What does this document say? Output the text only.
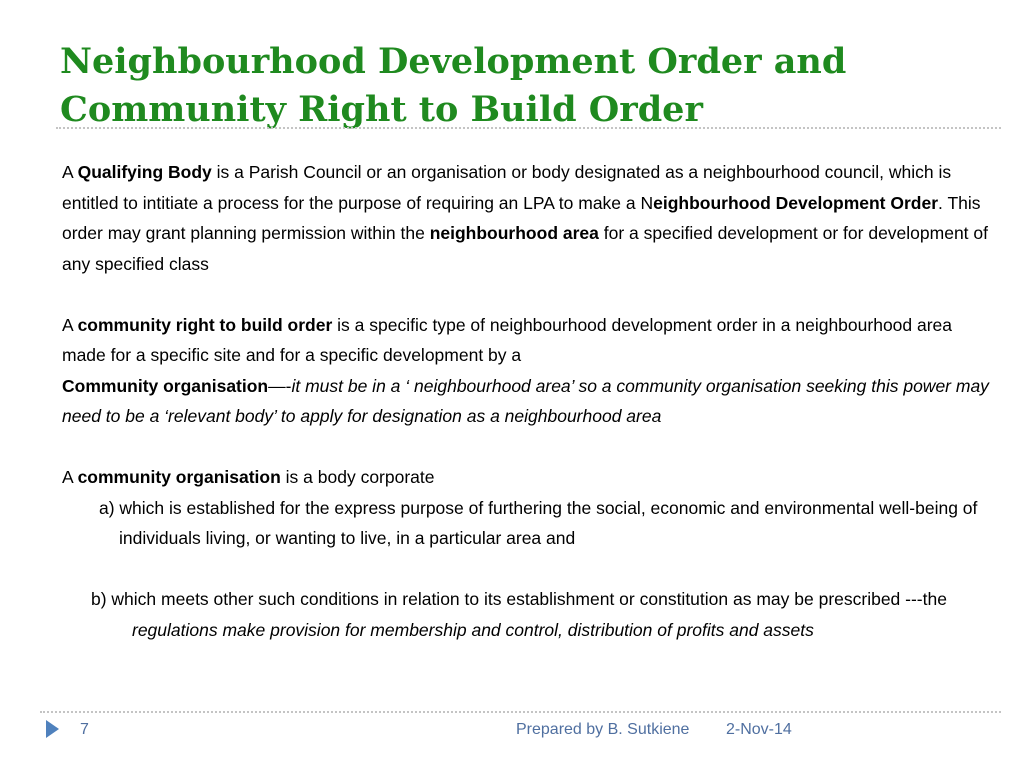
Neighbourhood Development Order and
Community Right to Build Order

A Qualifying Body is a Parish Council or an organisation or body designated as a neighbourhood council, which is entitled to intitiate a process for the purpose of requiring an LPA to make a Neighbourhood Development Order. This order may grant planning permission within the neighbourhood area for a specified development or for development of any specified class

A community right to build order is a specific type of neighbourhood development order in a neighbourhood area made for a specific site and for a specific development by a
Community organisation—-it must be in a ‘ neighbourhood area’ so a community organisation seeking this power may need to be a ‘relevant body’ to apply for designation as a neighbourhood area

A community organisation is a body corporate

a) which is established for the express purpose of furthering the social, economic and environmental well-being of individuals living, or wanting to live, in a particular area and

b) which meets other such conditions in relation to its establishment or constitution as may be prescribed ---the regulations make provision for membership and control, distribution of profits and assets

7	Prepared by B. Sutkiene 2-Nov-14
